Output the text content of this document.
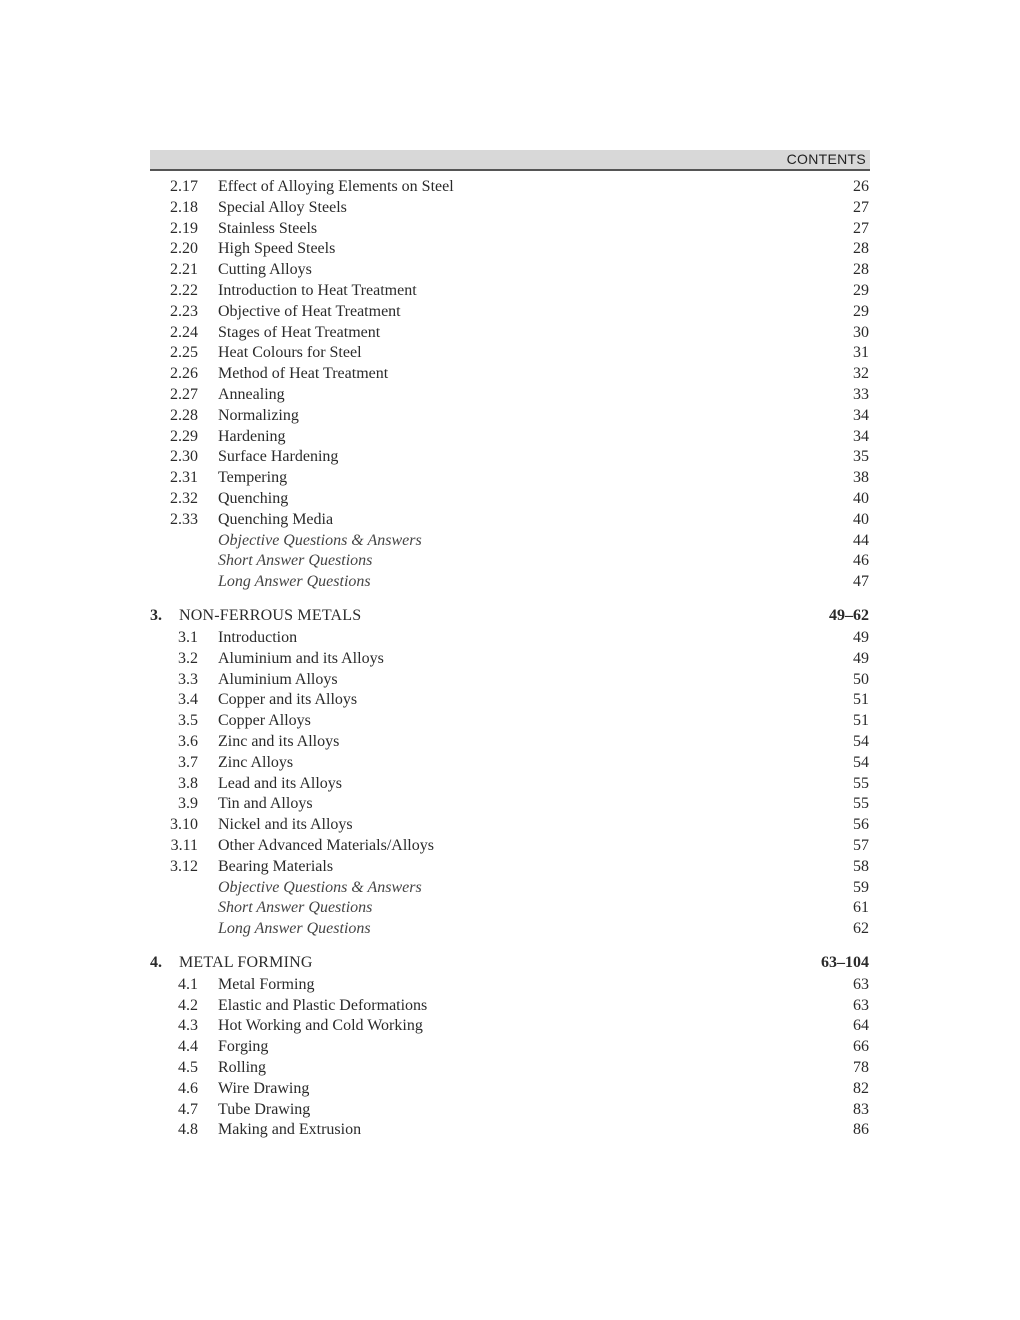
CONTENTS
2.17 Effect of Alloying Elements on Steel	26
2.18 Special Alloy Steels	27
2.19 Stainless Steels	27
2.20 High Speed Steels	28
2.21 Cutting Alloys	28
2.22 Introduction to Heat Treatment	29
2.23 Objective of Heat Treatment	29
2.24 Stages of Heat Treatment	30
2.25 Heat Colours for Steel	31
2.26 Method of Heat Treatment	32
2.27 Annealing	33
2.28 Normalizing	34
2.29 Hardening	34
2.30 Surface Hardening	35
2.31 Tempering	38
2.32 Quenching	40
2.33 Quenching Media	40
Objective Questions & Answers	44
Short Answer Questions	46
Long Answer Questions	47
3. NON-FERROUS METALS	49–62
3.1 Introduction	49
3.2 Aluminium and its Alloys	49
3.3 Aluminium Alloys	50
3.4 Copper and its Alloys	51
3.5 Copper Alloys	51
3.6 Zinc and its Alloys	54
3.7 Zinc Alloys	54
3.8 Lead and its Alloys	55
3.9 Tin and Alloys	55
3.10 Nickel and its Alloys	56
3.11 Other Advanced Materials/Alloys	57
3.12 Bearing Materials	58
Objective Questions & Answers	59
Short Answer Questions	61
Long Answer Questions	62
4. METAL FORMING	63–104
4.1 Metal Forming	63
4.2 Elastic and Plastic Deformations	63
4.3 Hot Working and Cold Working	64
4.4 Forging	66
4.5 Rolling	78
4.6 Wire Drawing	82
4.7 Tube Drawing	83
4.8 Making and Extrusion	86
